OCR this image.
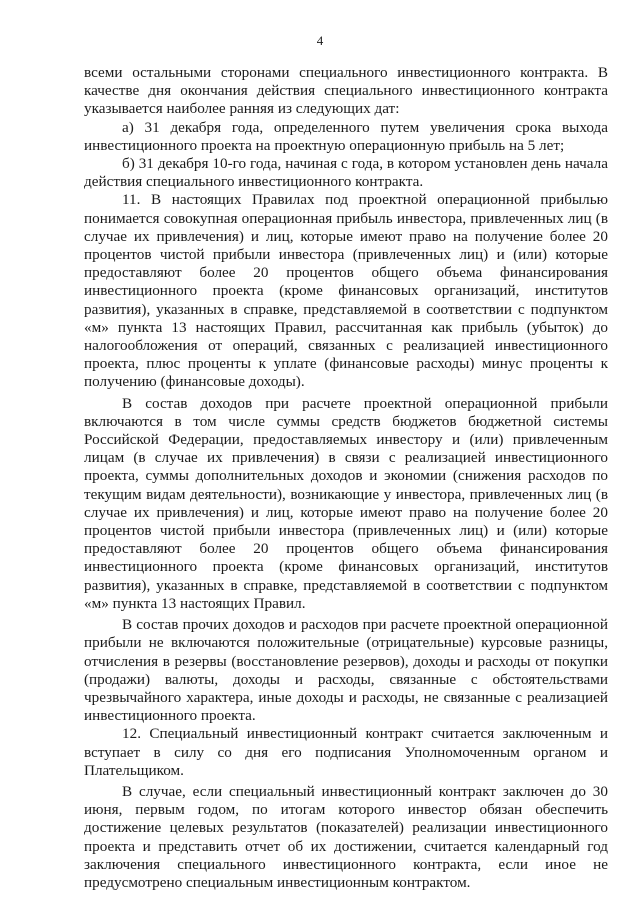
4

всеми остальными сторонами специального инвестиционного контракта. В качестве дня окончания действия специального инвестиционного контракта указывается наиболее ранняя из следующих дат:

а) 31 декабря года, определенного путем увеличения срока выхода инвестиционного проекта на проектную операционную прибыль на 5 лет;

б) 31 декабря 10-го года, начиная с года, в котором установлен день начала действия специального инвестиционного контракта.

11. В настоящих Правилах под проектной операционной прибылью понимается совокупная операционная прибыль инвестора, привлеченных лиц (в случае их привлечения) и лиц, которые имеют право на получение более 20 процентов чистой прибыли инвестора (привлеченных лиц) и (или) которые предоставляют более 20 процентов общего объема финансирования инвестиционного проекта (кроме финансовых организаций, институтов развития), указанных в справке, представляемой в соответствии с подпунктом «м» пункта 13 настоящих Правил, рассчитанная как прибыль (убыток) до налогообложения от операций, связанных с реализацией инвестиционного проекта, плюс проценты к уплате (финансовые расходы) минус проценты к получению (финансовые доходы).

В состав доходов при расчете проектной операционной прибыли включаются в том числе суммы средств бюджетов бюджетной системы Российской Федерации, предоставляемых инвестору и (или) привлеченным лицам (в случае их привлечения) в связи с реализацией инвестиционного проекта, суммы дополнительных доходов и экономии (снижения расходов по текущим видам деятельности), возникающие у инвестора, привлеченных лиц (в случае их привлечения) и лиц, которые имеют право на получение более 20 процентов чистой прибыли инвестора (привлеченных лиц) и (или) которые предоставляют более 20 процентов общего объема финансирования инвестиционного проекта (кроме финансовых организаций, институтов развития), указанных в справке, представляемой в соответствии с подпунктом «м» пункта 13 настоящих Правил.

В состав прочих доходов и расходов при расчете проектной операционной прибыли не включаются положительные (отрицательные) курсовые разницы, отчисления в резервы (восстановление резервов), доходы и расходы от покупки (продажи) валюты, доходы и расходы, связанные с обстоятельствами чрезвычайного характера, иные доходы и расходы, не связанные с реализацией инвестиционного проекта.

12. Специальный инвестиционный контракт считается заключенным и вступает в силу со дня его подписания Уполномоченным органом и Плательщиком.

В случае, если специальный инвестиционный контракт заключен до 30 июня, первым годом, по итогам которого инвестор обязан обеспечить достижение целевых результатов (показателей) реализации инвестиционного проекта и представить отчет об их достижении, считается календарный год заключения специального инвестиционного контракта, если иное не предусмотрено специальным инвестиционным контрактом.
